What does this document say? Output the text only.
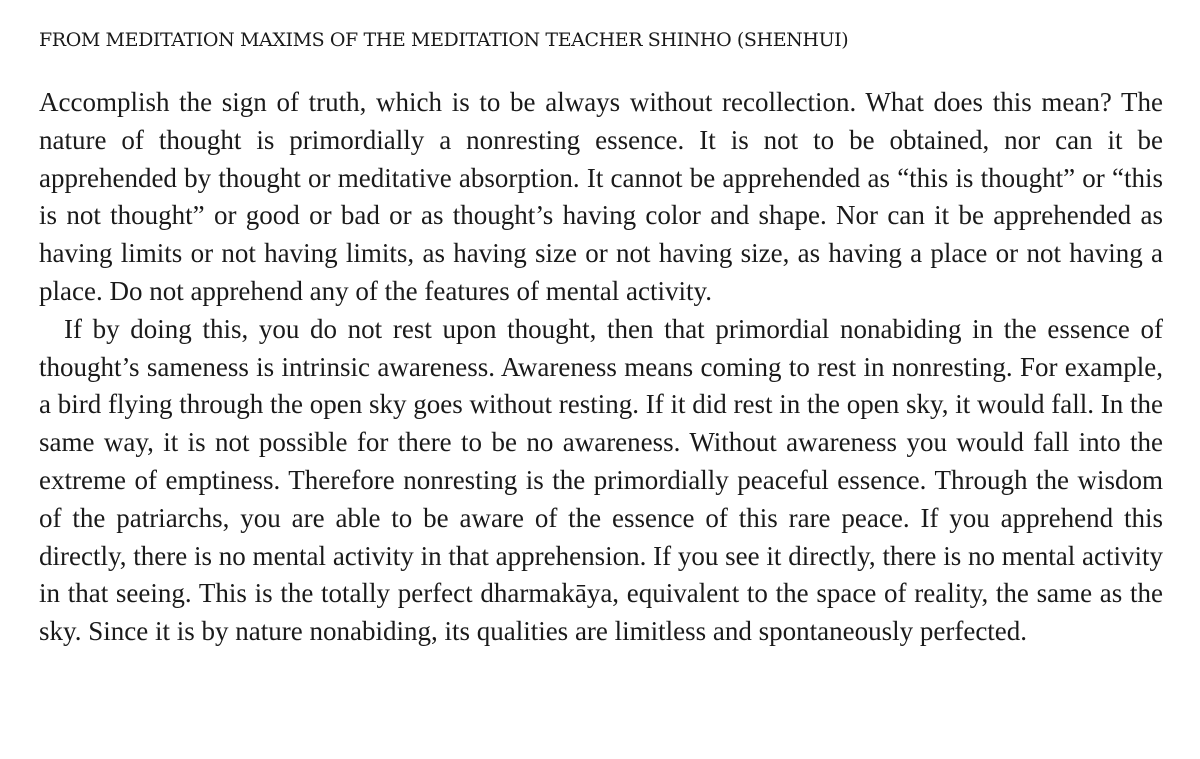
FROM MEDITATION MAXIMS OF THE MEDITATION TEACHER SHINHO (SHENHUI)

Accomplish the sign of truth, which is to be always without recollection. What does this mean? The nature of thought is primordially a nonresting essence. It is not to be obtained, nor can it be apprehended by thought or meditative absorption. It cannot be apprehended as “this is thought” or “this is not thought” or good or bad or as thought’s having color and shape. Nor can it be apprehended as having limits or not having limits, as having size or not having size, as having a place or not having a place. Do not apprehend any of the features of mental activity.

If by doing this, you do not rest upon thought, then that primordial nonabiding in the essence of thought’s sameness is intrinsic awareness. Awareness means coming to rest in nonresting. For example, a bird flying through the open sky goes without resting. If it did rest in the open sky, it would fall. In the same way, it is not possible for there to be no awareness. Without awareness you would fall into the extreme of emptiness. Therefore nonresting is the primordially peaceful essence. Through the wisdom of the patriarchs, you are able to be aware of the essence of this rare peace. If you apprehend this directly, there is no mental activity in that apprehension. If you see it directly, there is no mental activity in that seeing. This is the totally perfect dharmakāya, equivalent to the space of reality, the same as the sky. Since it is by nature nonabiding, its qualities are limitless and spontaneously perfected.
